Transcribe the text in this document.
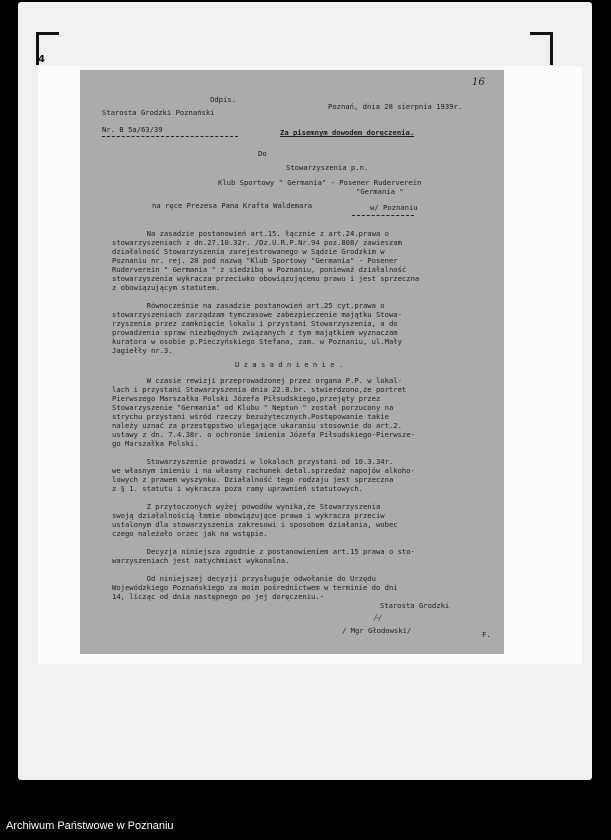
4
Odpis.
16
Starosta Grodzki Poznański
Poznań, dnia 28 sierpnia 1939r.
Nr. B 5a/63/39	Za pisemnym dowodem doręczenia.
Do
Stowarzyszenia p.n.
Klub Sportowy " Germania" - Posener Ruderverein
"Germania "
na ręce Prezesa Pana Krafta Waldemara	w/ Poznaniu
Na zasadzie postanowień art.15. łącznie z art.24.prawa o
stowarzyszeniach z dn.27.10.32r. /Dz.U.R.P.Nr.94 poz.808/ zawieszam
działalność Stowarzyszenia zarejestrowanego w Sądzie Grodzkim w
Poznaniu nr. rej. 20 pod nazwą "Klub Sportowy "Germania" - Posener
Ruderverein " Germania " z siedzibą w Poznaniu, ponieważ działalność
stowarzyszenia wykracza przeciwko obowiązującemu prawu i jest sprzeczna
z obowiązującym statutem.
Równocześnie na zasadzie postanowień art.25 cyt.prawa o
stowarzyszeniach zarządzam tymczasowe zabezpieczenie majątku Stowa-
rzyszenia przez zamknięcie lokalu i przystani Stowarzyszenia, a do
prowadzenia spraw niezbędnych związanych z tym majątkiem wyznaczam
kuratora w osobie p.Pieczyńskiego Stefana, zam. w Poznaniu, ul.Mały
Jagiełły nr.3.
U z a s a d n i e n i e .
W czasie rewizji przeprowadzonej przez organa P.P. w lokal-
lach i przystani Stowarzyszenia dnia 22.8.br. stwierdzono,że portret
Pierwszego Marszałka Polski Józefa Piłsudskiego,przejęty przez
Stowarzyszenie "Germania" od Klubu " Neptun " został porzucony na
strychu przystani wśród rzeczy bezużytecznych.Postępowanie takie
należy uznać za przestępstwo ulegające ukaraniu stosownie do art.2.
ustawy z dn. 7.4.38r. o ochronie imienia Józefa Piłsudskiego-Pierwsze-
go Marszałka Polski.
Stowarzyszenie prowadzi w lokalach przystani od 10.3.34r.
we własnym imieniu i na własny rachunek detal.sprzedaż napojów alkoho-
lowych z prawem wyszynku. Działalność tego rodzaju jest sprzeczna
z § 1. statutu i wykracza poza ramy uprawnień statutowych.
Z przytoczonych wyżej powodów wynika,że Stowarzyszenia
swoją działalnością łamie obowiązujące prawa i wykracza przeciw
ustalonym dla stowarzyszenia zakresowi i sposobom działania, wobec
czego należało orzec jak na wstępie.
Decyzja niniejsza zgodnie z postanowieniem art.15 prawa o sto-
warzyszeniach jest natychmiast wykonalna.
Od niniejszej decyzji przysługuje odwołanie do Urzędu
Wojewódzkiego Poznańskiego za moim pośrednictwem w terminie do dni
14, licząc od dnia następnego po jej doręczeniu.-
Starosta Grodzki
/-/
/ Mgr Głodowski/	F.
Archiwum Państwowe w Poznaniu
